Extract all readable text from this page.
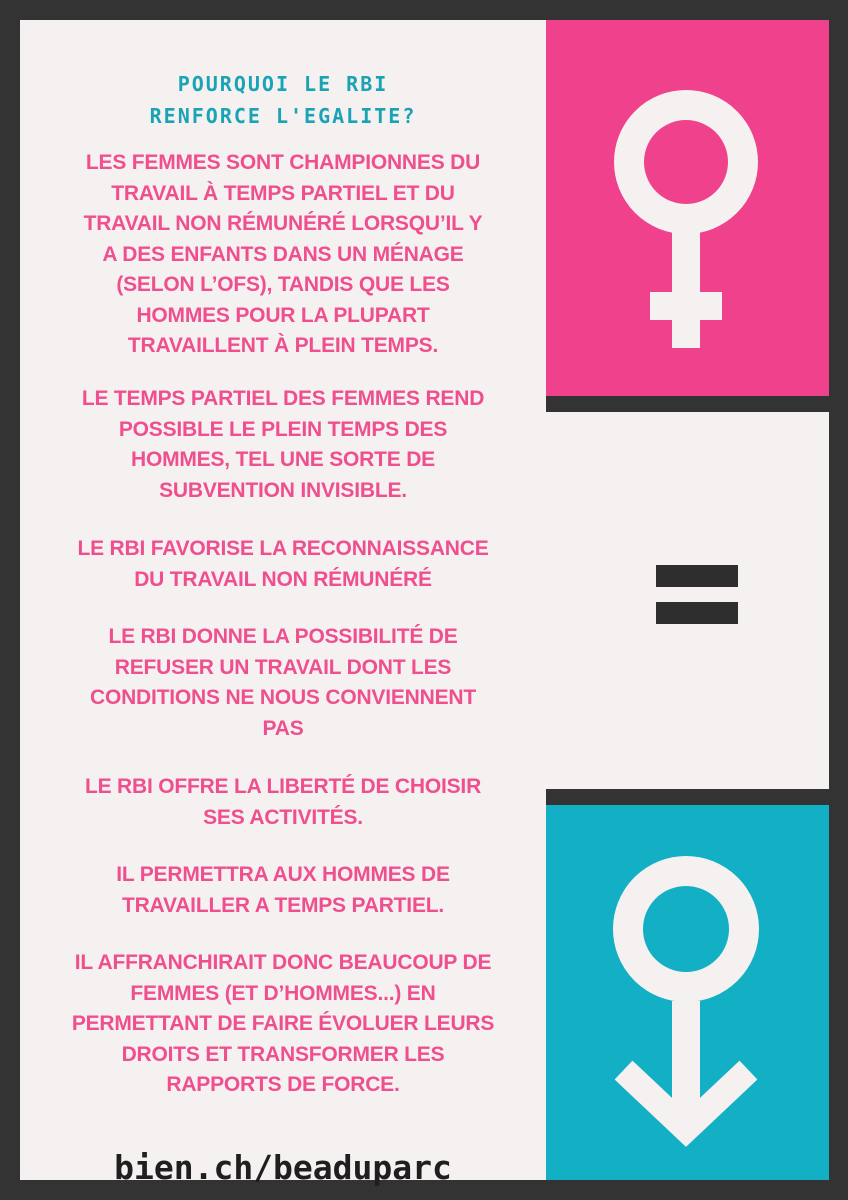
POURQUOI LE RBI
RENFORCE L'EGALITE?

LES FEMMES SONT CHAMPIONNES DU
TRAVAIL À TEMPS PARTIEL ET DU
TRAVAIL NON RÉMUNÉRÉ LORSQU’IL Y
A DES ENFANTS DANS UN MÉNAGE
(SELON L’OFS), TANDIS QUE LES
HOMMES POUR LA PLUPART
TRAVAILLENT À PLEIN TEMPS.

LE TEMPS PARTIEL DES FEMMES REND
POSSIBLE LE PLEIN TEMPS DES
HOMMES, TEL UNE SORTE DE
SUBVENTION INVISIBLE.

LE RBI FAVORISE LA RECONNAISSANCE
DU TRAVAIL NON RÉMUNÉRÉ

LE RBI DONNE LA POSSIBILITÉ DE
REFUSER UN TRAVAIL DONT LES
CONDITIONS NE NOUS CONVIENNENT
PAS

LE RBI OFFRE LA LIBERTÉ DE CHOISIR
SES ACTIVITÉS.

IL PERMETTRA AUX HOMMES DE
TRAVAILLER A TEMPS PARTIEL.

IL AFFRANCHIRAIT DONC BEAUCOUP DE
FEMMES (ET D’HOMMES...) EN
PERMETTANT DE FAIRE ÉVOLUER LEURS
DROITS ET TRANSFORMER LES
RAPPORTS DE FORCE.

bien.ch/beaduparc
